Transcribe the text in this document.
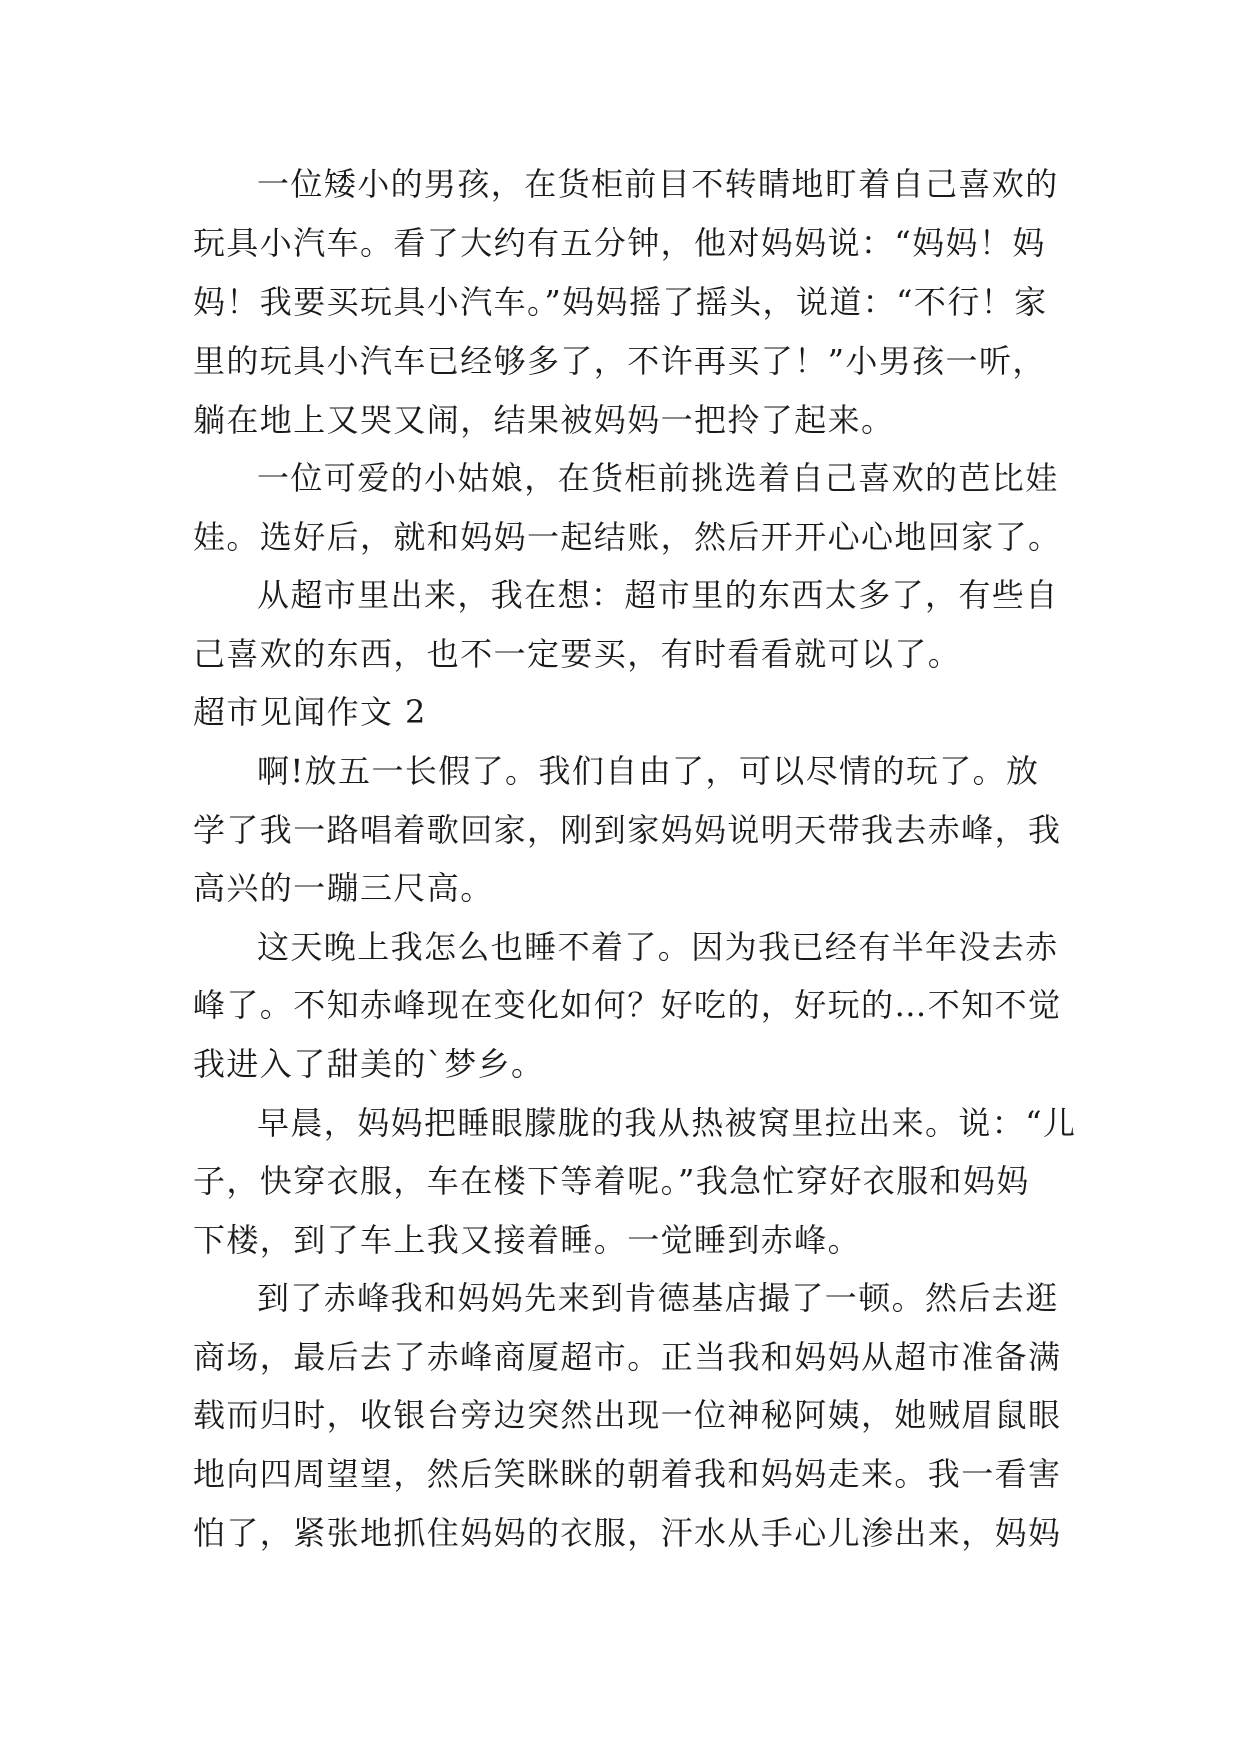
一位矮小的男孩，在货柜前目不转睛地盯着自己喜欢的
玩具小汽车。看了大约有五分钟，他对妈妈说：“妈妈！妈
妈！我要买玩具小汽车。”妈妈摇了摇头，说道：“不行！家
里的玩具小汽车已经够多了，不许再买了！”小男孩一听，
躺在地上又哭又闹，结果被妈妈一把拎了起来。
一位可爱的小姑娘，在货柜前挑选着自己喜欢的芭比娃
娃。选好后，就和妈妈一起结账，然后开开心心地回家了。
从超市里出来，我在想：超市里的东西太多了，有些自
己喜欢的东西，也不一定要买，有时看看就可以了。
超市见闻作文 2
啊!放五一长假了。我们自由了，可以尽情的玩了。放
学了我一路唱着歌回家，刚到家妈妈说明天带我去赤峰，我
高兴的一蹦三尺高。
这天晚上我怎么也睡不着了。因为我已经有半年没去赤
峰了。不知赤峰现在变化如何？好吃的，好玩的…不知不觉
我进入了甜美的`梦乡。
早晨，妈妈把睡眼朦胧的我从热被窝里拉出来。说：“儿
子，快穿衣服，车在楼下等着呢。”我急忙穿好衣服和妈妈
下楼，到了车上我又接着睡。一觉睡到赤峰。
到了赤峰我和妈妈先来到肯德基店撮了一顿。然后去逛
商场，最后去了赤峰商厦超市。正当我和妈妈从超市准备满
载而归时，收银台旁边突然出现一位神秘阿姨，她贼眉鼠眼
地向四周望望，然后笑眯眯的朝着我和妈妈走来。我一看害
怕了，紧张地抓住妈妈的衣服，汗水从手心儿渗出来，妈妈
